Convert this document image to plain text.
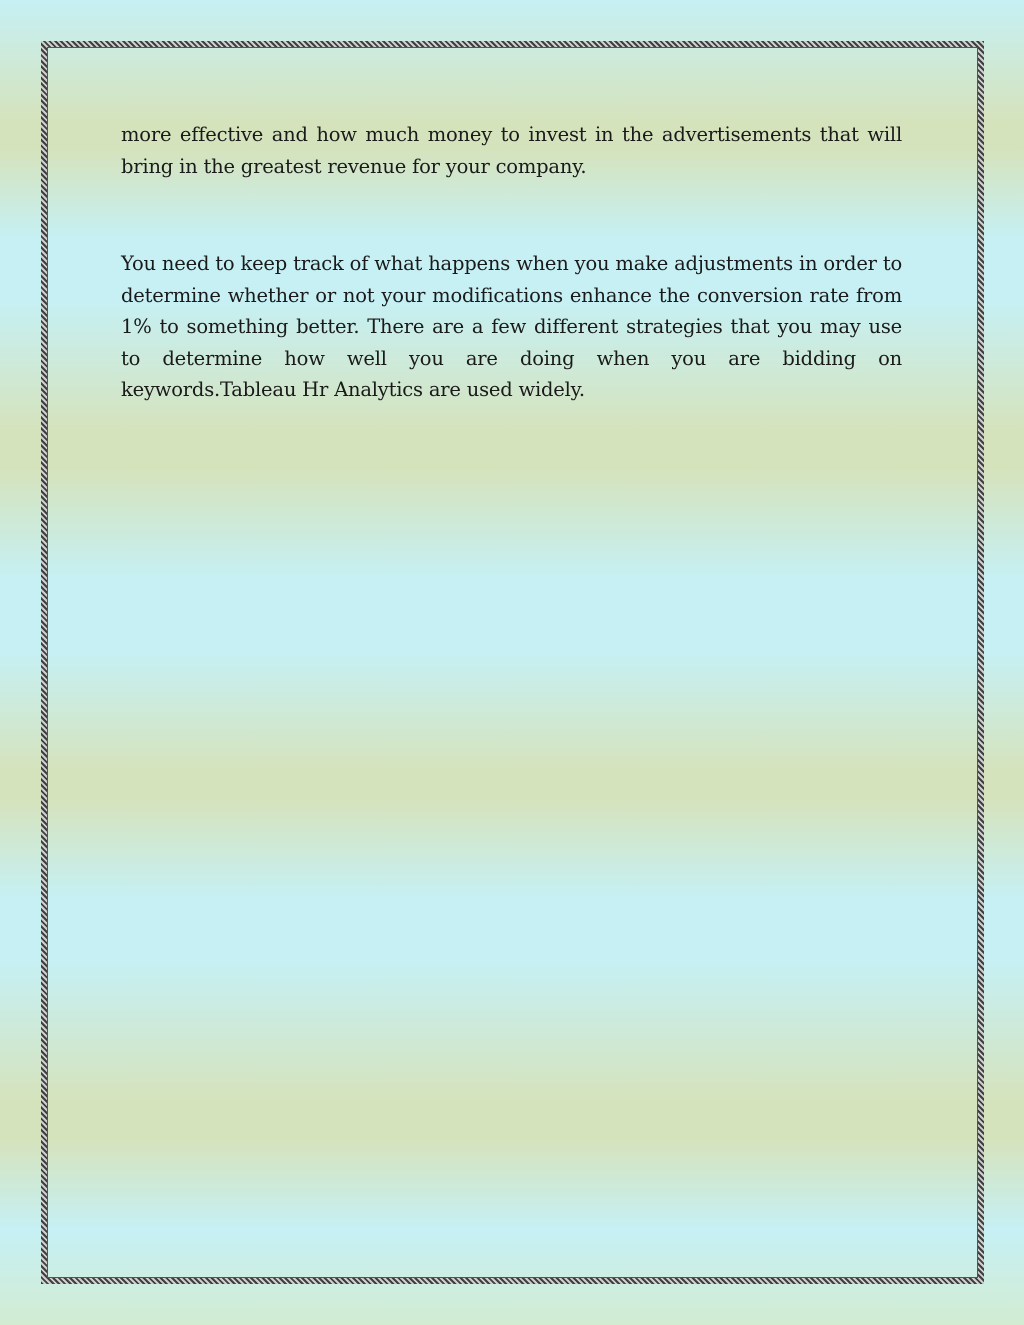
more effective and how much money to invest in the advertisements that will bring in the greatest revenue for your company.

You need to keep track of what happens when you make adjustments in order to determine whether or not your modifications enhance the conversion rate from 1% to something better. There are a few different strategies that you may use to determine how well you are doing when you are bidding on keywords.Tableau Hr Analytics are used widely.
